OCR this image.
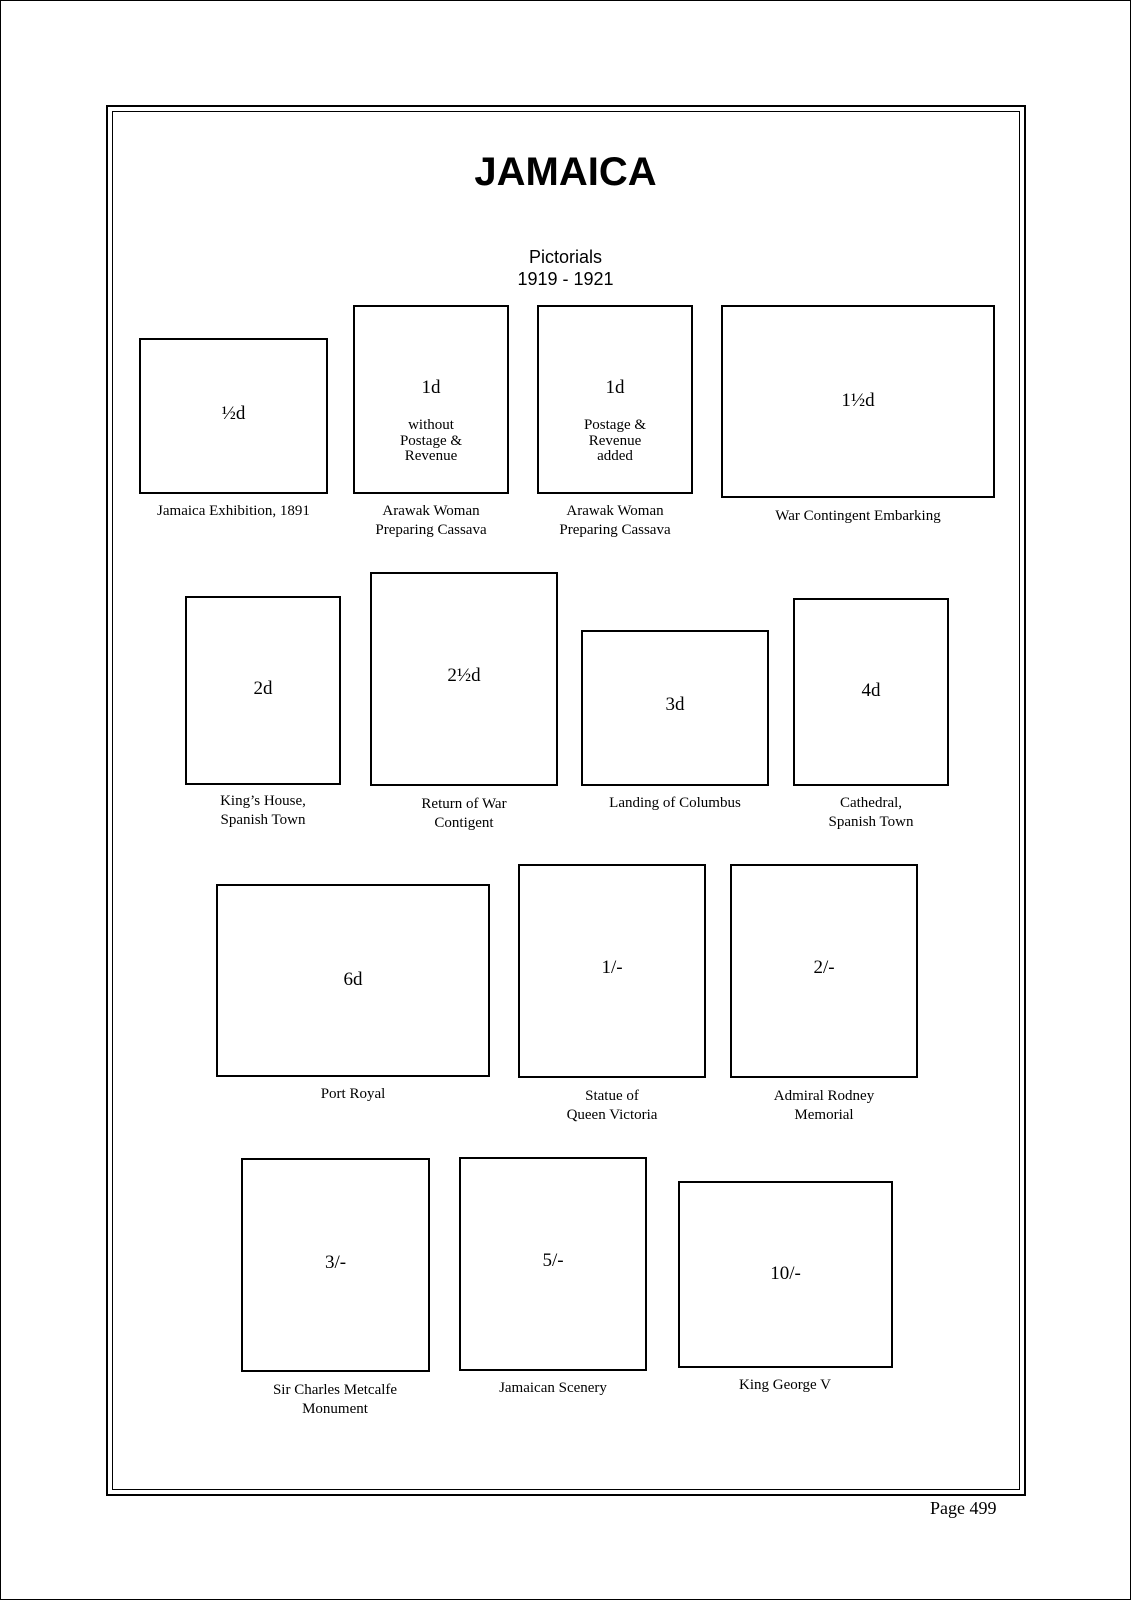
JAMAICA
Pictorials
1919 - 1921
½d
Jamaica Exhibition, 1891

1d

without
Postage &
Revenue

Arawak Woman
Preparing Cassava

1d

Postage &
Revenue
added

Arawak Woman
Preparing Cassava
1½d
War Contingent Embarking
2d
King’s House,
Spanish Town
2½d
Return of War
Contigent
3d
Landing of Columbus
4d
Cathedral,
Spanish Town
6d
Port Royal
1/-
Statue of
Queen Victoria
2/-
Admiral Rodney
Memorial
3/-
Sir Charles Metcalfe
Monument
5/-
Jamaican Scenery
10/-
King George V
Page 499
